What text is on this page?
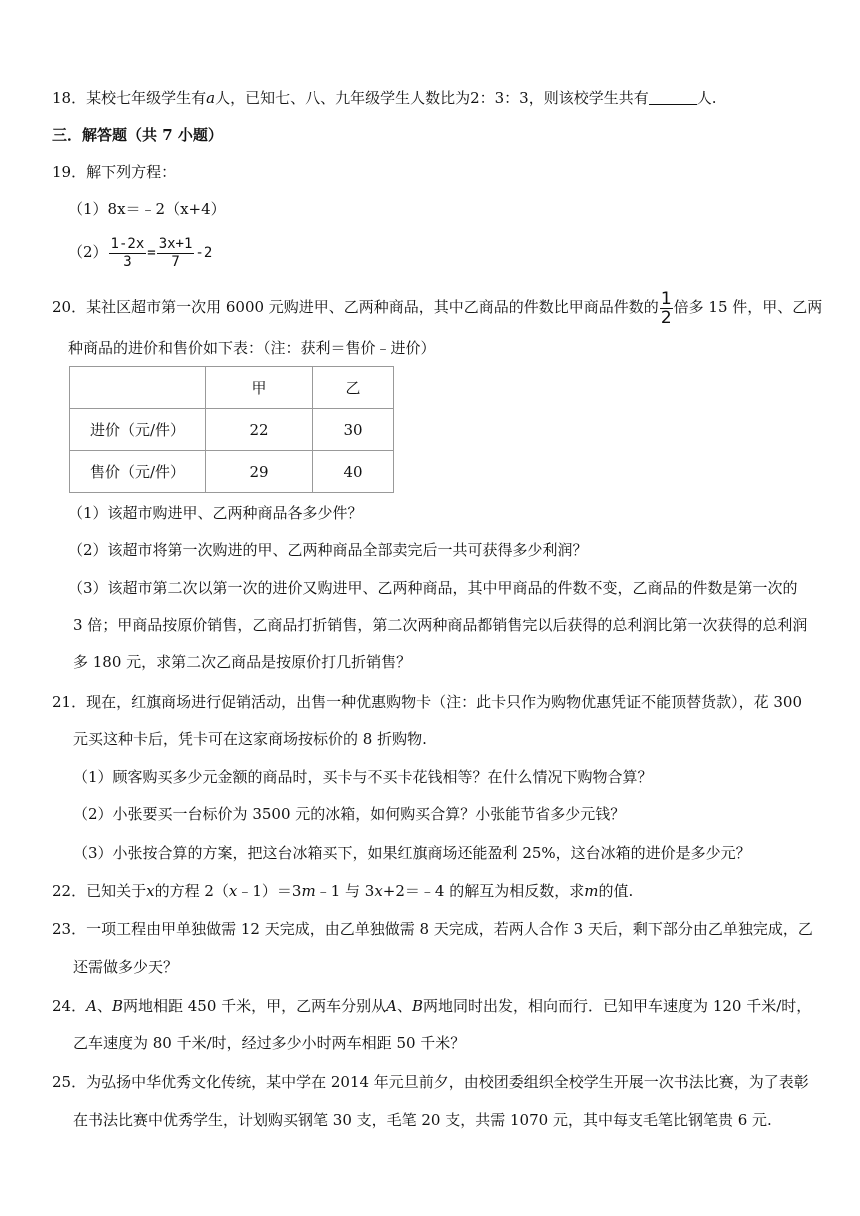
18．某校七年级学生有a人，已知七、八、九年级学生人数比为2：3：3，则该校学生共有	人.
三．解答题（共 7 小题）
19．解下列方程：
（1）8x＝﹣2（x+4）
$(2) \frac{1-2x}{3} = \frac{3x+1}{7} -2$
20．某社区超市第一次用 6000 元购进甲、乙两种商品，其中乙商品的件数比甲商品件数的 $\frac{1}{2}$ 倍多 15 件，甲、乙两
种商品的进价和售价如下表：（注：获利＝售价﹣进价）
	甲	乙
进价（元/件）	22	30
售价（元/件）	29	40
（1）该超市购进甲、乙两种商品各多少件？
（2）该超市将第一次购进的甲、乙两种商品全部卖完后一共可获得多少利润？
（3）该超市第二次以第一次的进价又购进甲、乙两种商品，其中甲商品的件数不变，乙商品的件数是第一次的
3 倍；甲商品按原价销售，乙商品打折销售，第二次两种商品都销售完以后获得的总利润比第一次获得的总利润
多 180 元，求第二次乙商品是按原价打几折销售？
21．现在，红旗商场进行促销活动，出售一种优惠购物卡（注：此卡只作为购物优惠凭证不能顶替货款），花 300
元买这种卡后，凭卡可在这家商场按标价的 8 折购物.
（1）顾客购买多少元金额的商品时，买卡与不买卡花钱相等？在什么情况下购物合算？
（2）小张要买一台标价为 3500 元的冰箱，如何购买合算？小张能节省多少元钱？
（3）小张按合算的方案，把这台冰箱买下，如果红旗商场还能盈利 25%，这台冰箱的进价是多少元？
22．已知关于x的方程 2（x﹣1）＝3m﹣1 与 3x+2＝﹣4 的解互为相反数，求m的值.
23．一项工程由甲单独做需 12 天完成，由乙单独做需 8 天完成，若两人合作 3 天后，剩下部分由乙单独完成，乙
还需做多少天？
24．A、B两地相距 450 千米，甲，乙两车分别从A、B两地同时出发，相向而行．已知甲车速度为 120 千米/时，
乙车速度为 80 千米/时，经过多少小时两车相距 50 千米？
25．为弘扬中华优秀文化传统，某中学在 2014 年元旦前夕，由校团委组织全校学生开展一次书法比赛，为了表彰
在书法比赛中优秀学生，计划购买钢笔 30 支，毛笔 20 支，共需 1070 元，其中每支毛笔比钢笔贵 6 元.
